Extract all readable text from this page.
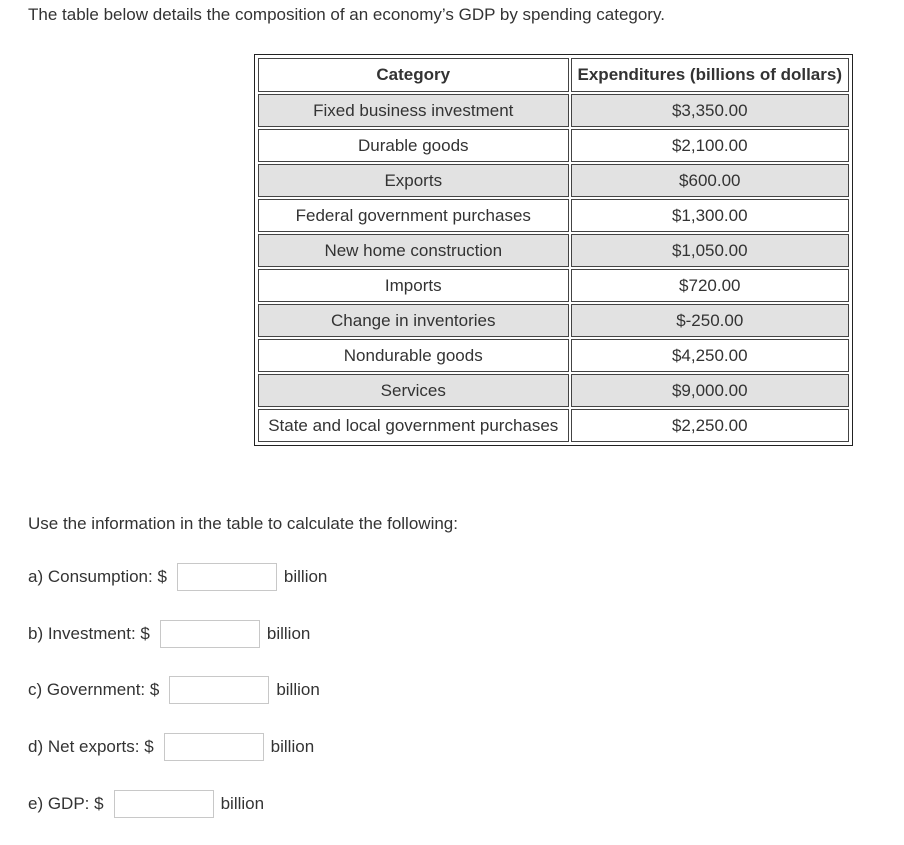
The table below details the composition of an economy’s GDP by spending category.

Category	Expenditures (billions of dollars)
Fixed business investment	$3,350.00
Durable goods	$2,100.00
Exports	$600.00
Federal government purchases	$1,300.00
New home construction	$1,050.00
Imports	$720.00
Change in inventories	$-250.00
Nondurable goods	$4,250.00
Services	$9,000.00
State and local government purchases	$2,250.00

Use the information in the table to calculate the following:

a) Consumption: $	billion
b) Investment: $	billion
c) Government: $	billion
d) Net exports: $	billion
e) GDP: $	billion
